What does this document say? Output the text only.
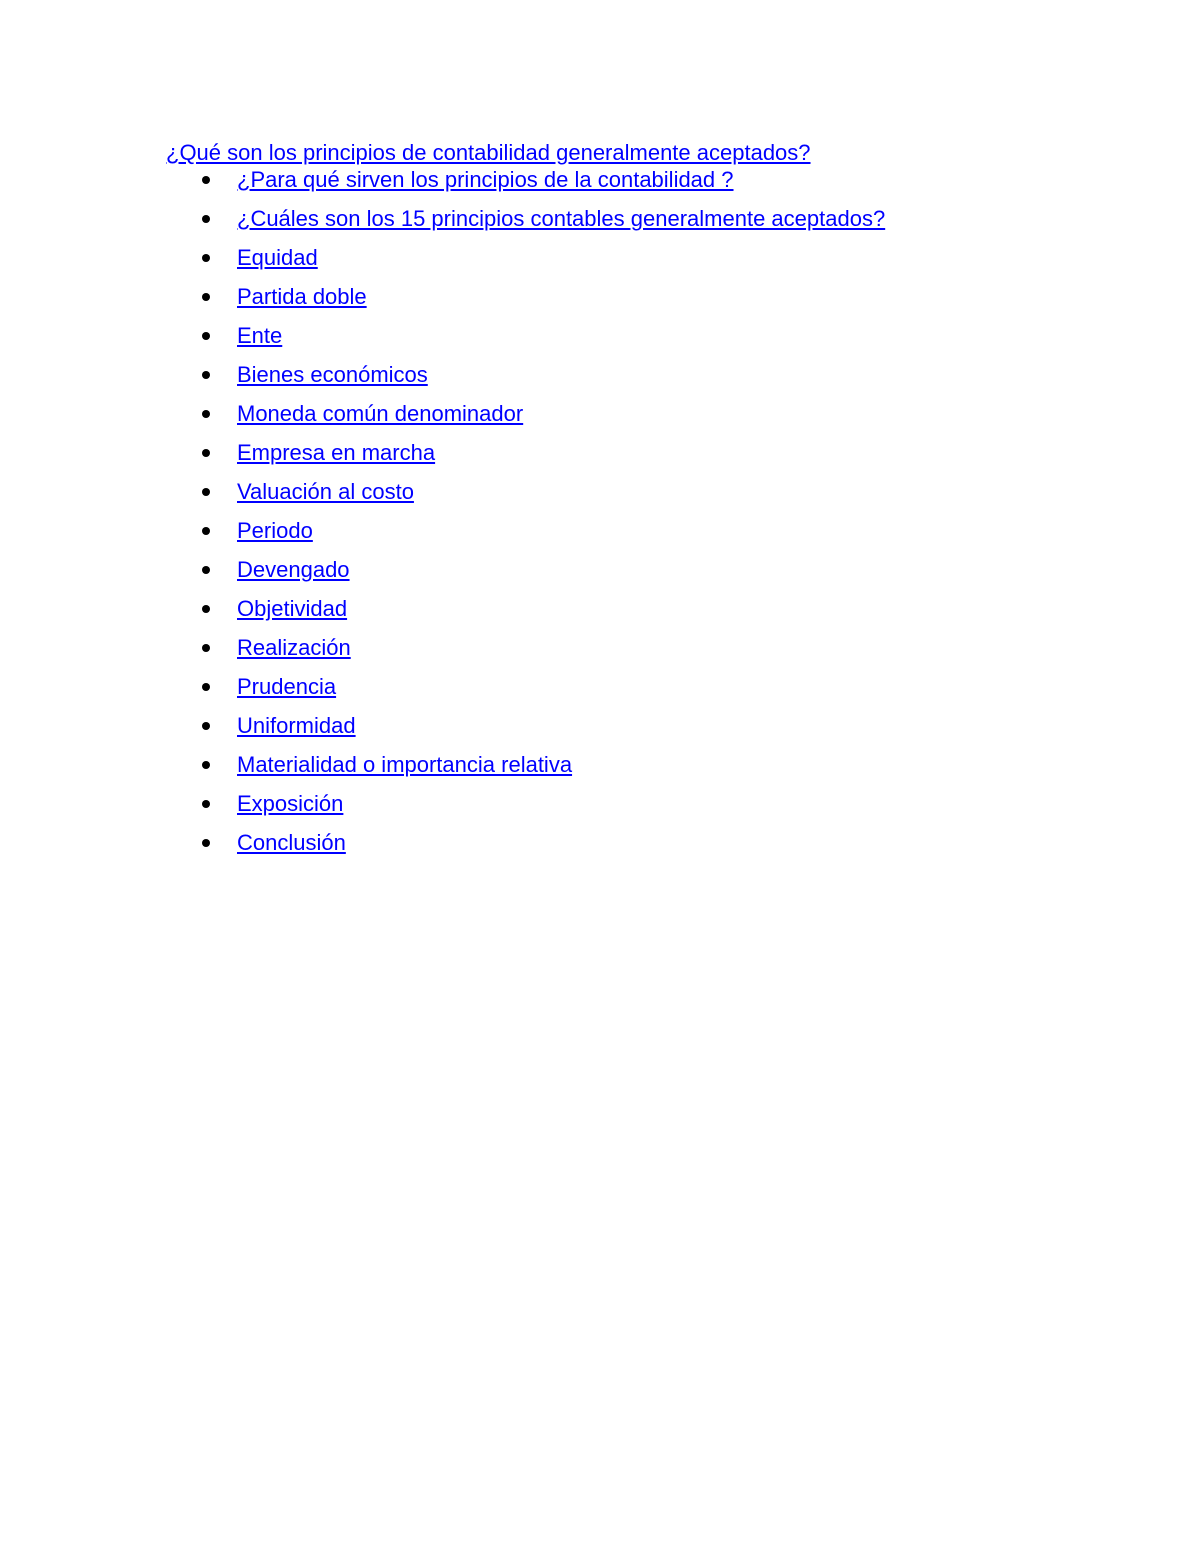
¿Qué son los principios de contabilidad generalmente aceptados?
¿Para qué sirven los principios de la contabilidad ?
¿Cuáles son los 15 principios contables generalmente aceptados?
Equidad
Partida doble
Ente
Bienes económicos
Moneda común denominador
Empresa en marcha
Valuación al costo
Periodo
Devengado
Objetividad
Realización
Prudencia
Uniformidad
Materialidad o importancia relativa
Exposición
Conclusión
